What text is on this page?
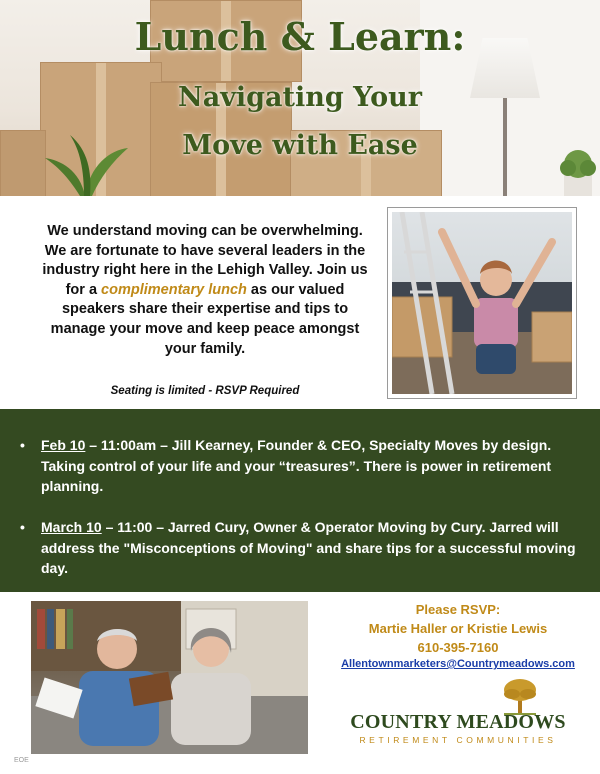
Lunch & Learn:
Navigating Your
Move with Ease
We understand moving can be overwhelming. We are fortunate to have several leaders in the industry right here in the Lehigh Valley. Join us for a complimentary lunch as our valued speakers share their expertise and tips to manage your move and keep peace amongst your family.
Seating is limited - RSVP Required
•	Feb 10 – 11:00am – Jill Kearney, Founder & CEO, Specialty Moves by design. Taking control of your life and your “treasures”. There is power in retirement planning.
•	March 10 – 11:00 – Jarred Cury, Owner & Operator Moving by Cury. Jarred will address the "Misconceptions of Moving" and share tips for a successful moving day.
Please RSVP:
Martie Haller or Kristie Lewis
610-395-7160
Allentownmarketers@Countrymeadows.com
COUNTRY MEADOWS
RETIREMENT COMMUNITIES
EOE
